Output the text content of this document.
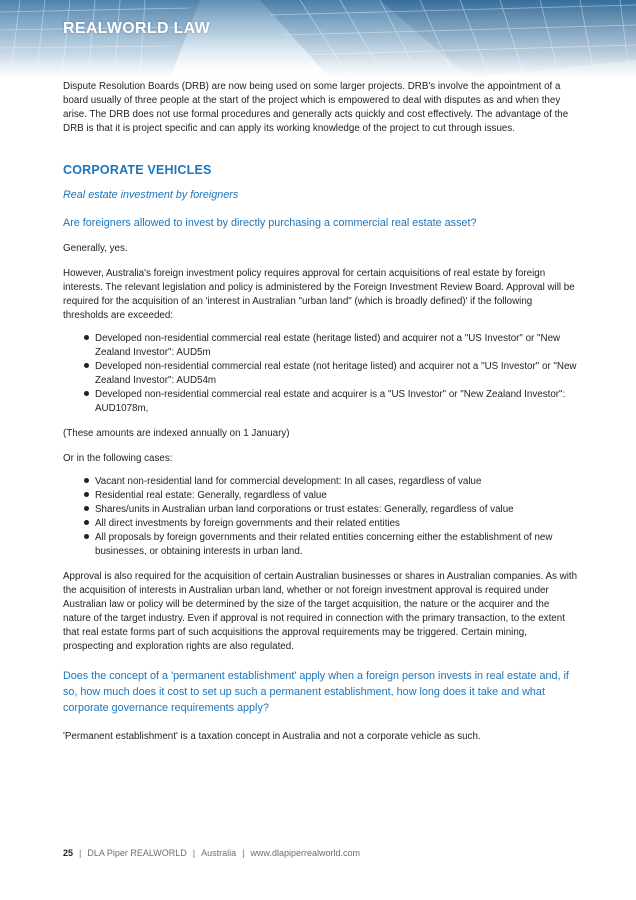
REALWORLD LAW

Dispute Resolution Boards (DRB) are now being used on some larger projects. DRB's involve the appointment of a board usually of three people at the start of the project which is empowered to deal with disputes as and when they arise. The DRB does not use formal procedures and generally acts quickly and cost effectively. The advantage of the DRB is that it is project specific and can apply its working knowledge of the project to cut through issues.

CORPORATE VEHICLES
Real estate investment by foreigners
Are foreigners allowed to invest by directly purchasing a commercial real estate asset?

Generally, yes.

However, Australia's foreign investment policy requires approval for certain acquisitions of real estate by foreign interests. The relevant legislation and policy is administered by the Foreign Investment Review Board. Approval will be required for the acquisition of an 'interest in Australian "urban land" (which is broadly defined)' if the following thresholds are exceeded:

Developed non-residential commercial real estate (heritage listed) and acquirer not a "US Investor" or "New Zealand Investor": AUD5m
Developed non-residential commercial real estate (not heritage listed) and acquirer not a "US Investor" or "New Zealand Investor": AUD54m
Developed non-residential commercial real estate and acquirer is a "US Investor" or "New Zealand Investor": AUD1078m,

(These amounts are indexed annually on 1 January)

Or in the following cases:

Vacant non-residential land for commercial development: In all cases, regardless of value
Residential real estate: Generally, regardless of value
Shares/units in Australian urban land corporations or trust estates: Generally, regardless of value
All direct investments by foreign governments and their related entities
All proposals by foreign governments and their related entities concerning either the establishment of new businesses, or obtaining interests in urban land.

Approval is also required for the acquisition of certain Australian businesses or shares in Australian companies. As with the acquisition of interests in Australian urban land, whether or not foreign investment approval is required under Australian law or policy will be determined by the size of the target acquisition, the nature or the acquirer and the nature of the target industry. Even if approval is not required in connection with the primary transaction, to the extent that real estate forms part of such acquisitions the approval requirements may be triggered. Certain mining, prospecting and exploration rights are also regulated.

Does the concept of a 'permanent establishment' apply when a foreign person invests in real estate and, if so, how much does it cost to set up such a permanent establishment, how long does it take and what corporate governance requirements apply?

'Permanent establishment' is a taxation concept in Australia and not a corporate vehicle as such.

25 | DLA Piper REALWORLD | Australia | www.dlapiperrealworld.com
